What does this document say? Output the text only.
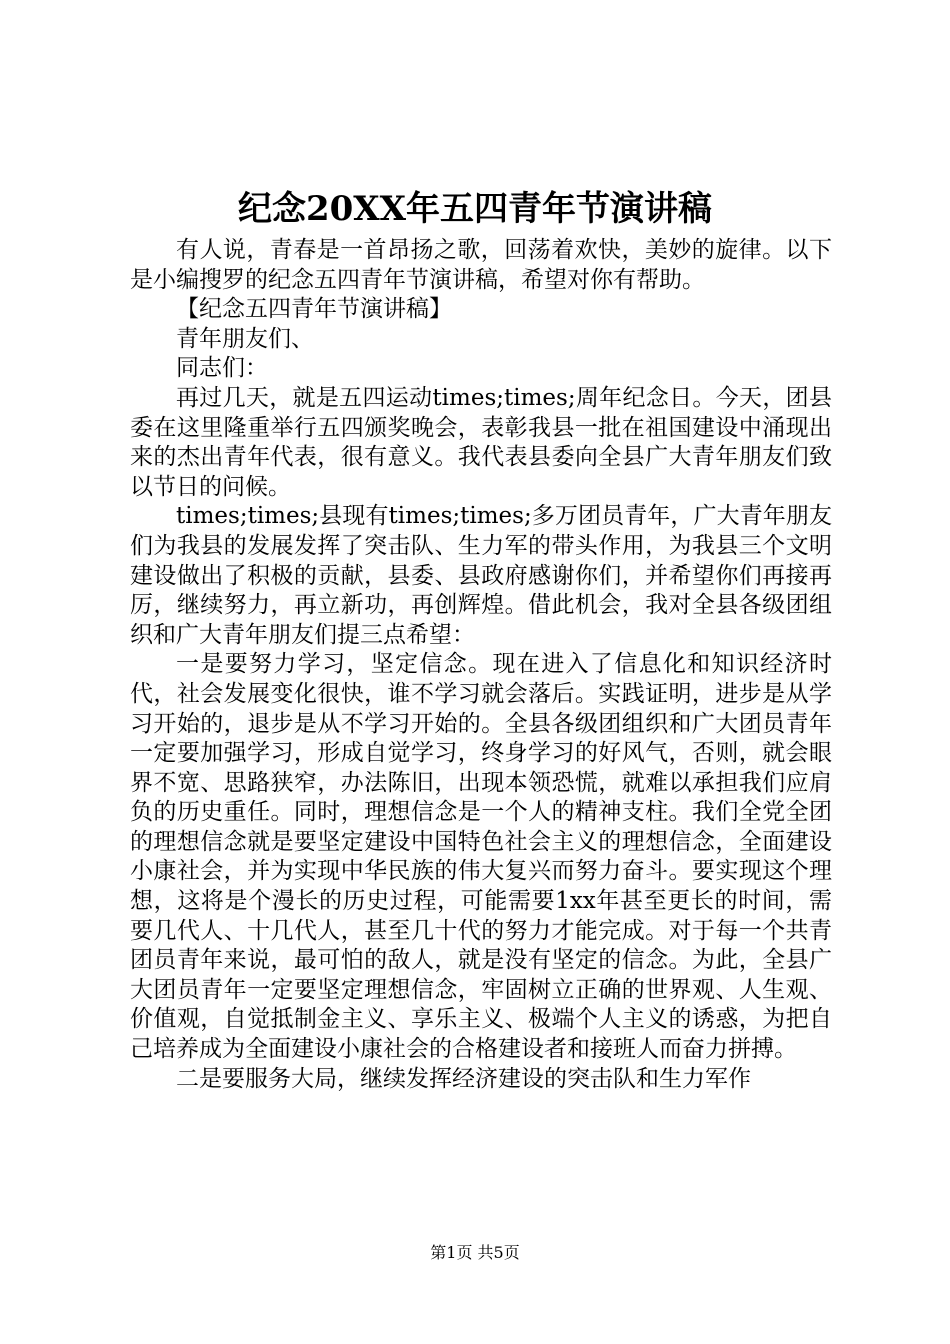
纪念20XX年五四青年节演讲稿

有人说，青春是一首昂扬之歌，回荡着欢快，美妙的旋律。以下是小编搜罗的纪念五四青年节演讲稿，希望对你有帮助。

【纪念五四青年节演讲稿】

青年朋友们、

同志们：

再过几天，就是五四运动times;times;周年纪念日。今天，团县委在这里隆重举行五四颁奖晚会，表彰我县一批在祖国建设中涌现出来的杰出青年代表，很有意义。我代表县委向全县广大青年朋友们致以节日的问候。

times;times;县现有times;times;多万团员青年，广大青年朋友们为我县的发展发挥了突击队、生力军的带头作用，为我县三个文明建设做出了积极的贡献，县委、县政府感谢你们，并希望你们再接再厉，继续努力，再立新功，再创辉煌。借此机会，我对全县各级团组织和广大青年朋友们提三点希望：

一是要努力学习，坚定信念。现在进入了信息化和知识经济时代，社会发展变化很快，谁不学习就会落后。实践证明，进步是从学习开始的，退步是从不学习开始的。全县各级团组织和广大团员青年一定要加强学习，形成自觉学习，终身学习的好风气，否则，就会眼界不宽、思路狭窄，办法陈旧，出现本领恐慌，就难以承担我们应肩负的历史重任。同时，理想信念是一个人的精神支柱。我们全党全团的理想信念就是要坚定建设中国特色社会主义的理想信念，全面建设小康社会，并为实现中华民族的伟大复兴而努力奋斗。要实现这个理想，这将是个漫长的历史过程，可能需要1xx年甚至更长的时间，需要几代人、十几代人，甚至几十代的努力才能完成。对于每一个共青团员青年来说，最可怕的敌人，就是没有坚定的信念。为此，全县广大团员青年一定要坚定理想信念，牢固树立正确的世界观、人生观、价值观，自觉抵制金主义、享乐主义、极端个人主义的诱惑，为把自己培养成为全面建设小康社会的合格建设者和接班人而奋力拼搏。

二是要服务大局，继续发挥经济建设的突击队和生力军作

第1页 共5页
